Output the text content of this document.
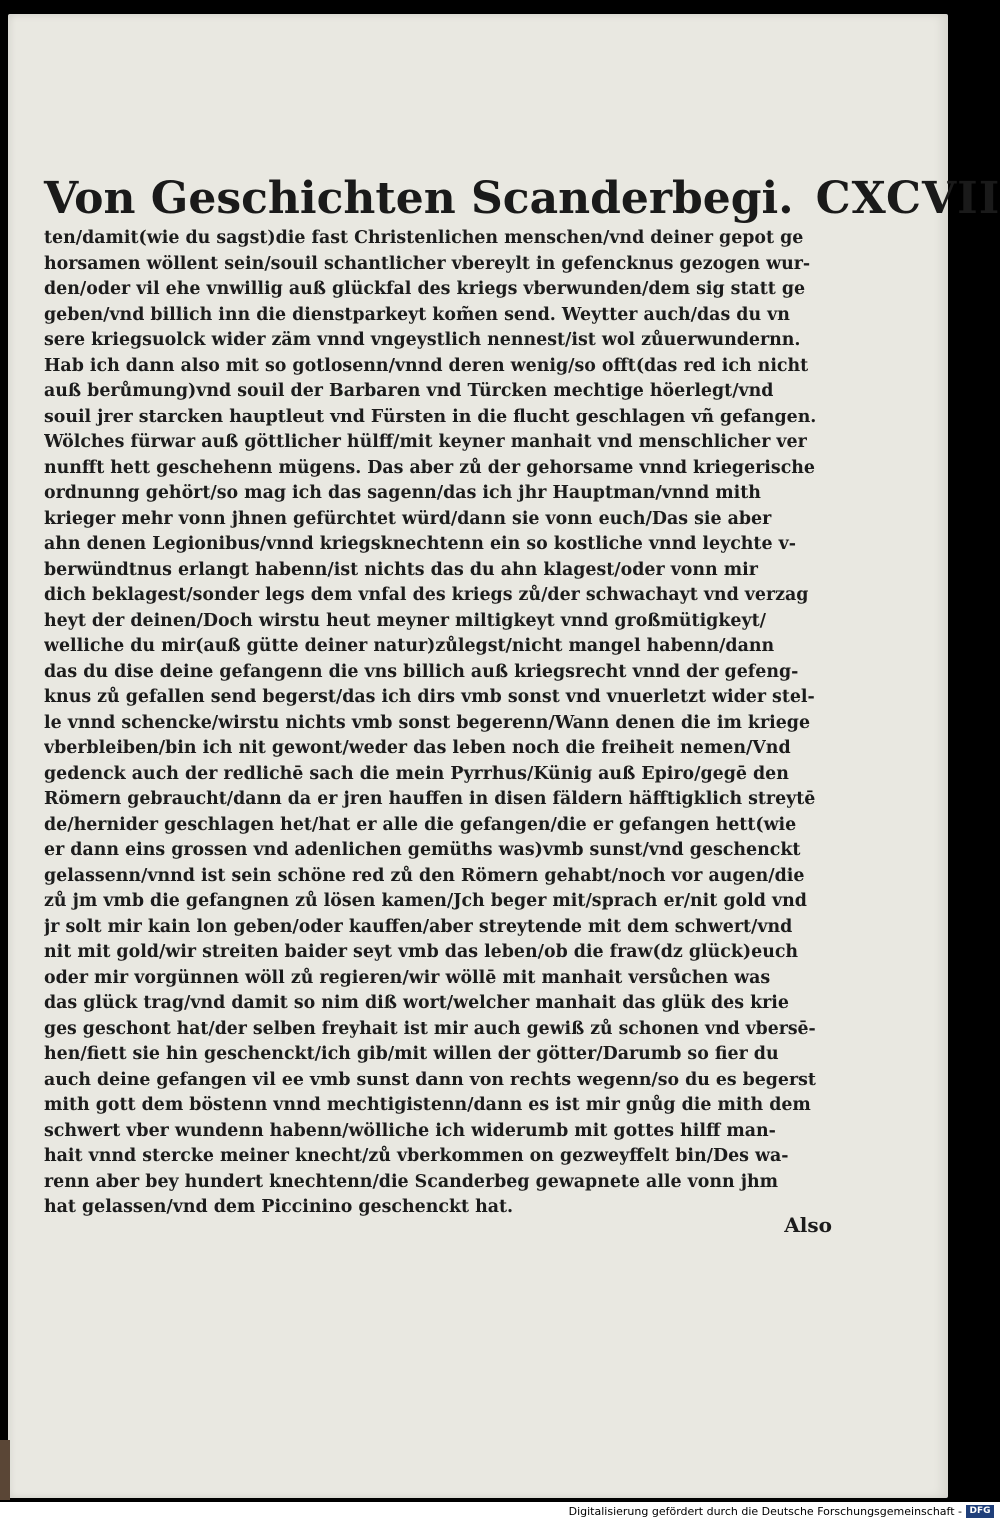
Von Geschichten Scanderbegi. CXCVII
ten/damit(wie du sagst)die fast Christenlichen menschen/vnd deiner gepot ge
horsamen wöllent sein/souil schantlicher vbereylt in gefencknus gezogen wur-
den/oder vil ehe vnwillig auß glückfal des kriegs vberwunden/dem sig statt ge
geben/vnd billich inn die dienstparkeyt kom̃en send. Weytter auch/das du vn
sere kriegsuolck wider zäm vnnd vngeystlich nennest/ist wol zůuerwundernn.
Hab ich dann also mit so gotlosenn/vnnd deren wenig/so offt(das red ich nicht
auß berůmung)vnd souil der Barbaren vnd Türcken mechtige höerlegt/vnd
souil jrer starcken hauptleut vnd Fürsten in die flucht geschlagen vñ gefangen.
Wölches fürwar auß göttlicher hülff/mit keyner manhait vnd menschlicher ver
nunfft hett geschehenn mügens. Das aber zů der gehorsame vnnd kriegerische
ordnunng gehört/so mag ich das sagenn/das ich jhr Hauptman/vnnd mith
krieger mehr vonn jhnen gefürchtet würd/dann sie vonn euch/Das sie aber
ahn denen Legionibus/vnnd kriegsknechtenn ein so kostliche vnnd leychte v-
berwündtnus erlangt habenn/ist nichts das du ahn klagest/oder vonn mir
dich beklagest/sonder legs dem vnfal des kriegs zů/der schwachayt vnd verzag
heyt der deinen/Doch wirstu heut meyner miltigkeyt vnnd großmütigkeyt/
welliche du mir(auß gütte deiner natur)zůlegst/nicht mangel habenn/dann
das du dise deine gefangenn die vns billich auß kriegsrecht vnnd der gefeng-
knus zů gefallen send begerst/das ich dirs vmb sonst vnd vnuerletzt wider stel-
le vnnd schencke/wirstu nichts vmb sonst begerenn/Wann denen die im kriege
vberbleiben/bin ich nit gewont/weder das leben noch die freiheit nemen/Vnd
gedenck auch der redlichē sach die mein Pyrrhus/Künig auß Epiro/gegē den
Römern gebraucht/dann da er jren hauffen in disen fäldern häfftigklich streytē
de/hernider geschlagen het/hat er alle die gefangen/die er gefangen hett(wie
er dann eins grossen vnd adenlichen gemüths was)vmb sunst/vnd geschenckt
gelassenn/vnnd ist sein schöne red zů den Römern gehabt/noch vor augen/die
zů jm vmb die gefangnen zů lösen kamen/Jch beger mit/sprach er/nit gold vnd
jr solt mir kain lon geben/oder kauffen/aber streytende mit dem schwert/vnd
nit mit gold/wir streiten baider seyt vmb das leben/ob die fraw(dz glück)euch
oder mir vorgünnen wöll zů regieren/wir wöllē mit manhait versůchen was
das glück trag/vnd damit so nim diß wort/welcher manhait das glük des krie
ges geschont hat/der selben freyhait ist mir auch gewiß zů schonen vnd vbersē-
hen/fiett sie hin geschenckt/ich gib/mit willen der götter/Darumb so fier du
auch deine gefangen vil ee vmb sunst dann von rechts wegenn/so du es begerst
mith gott dem böstenn vnnd mechtigistenn/dann es ist mir gnůg die mith dem
schwert vber wundenn habenn/wölliche ich widerumb mit gottes hilff man-
hait vnnd stercke meiner knecht/zů vberkommen on gezweyffelt bin/Des wa-
renn aber bey hundert knechtenn/die Scanderbeg gewapnete alle vonn jhm
hat gelassen/vnd dem Piccinino geschenckt hat.
Also
Digitalisierung gefördert durch die Deutsche Forschungsgemeinschaft - DFG
